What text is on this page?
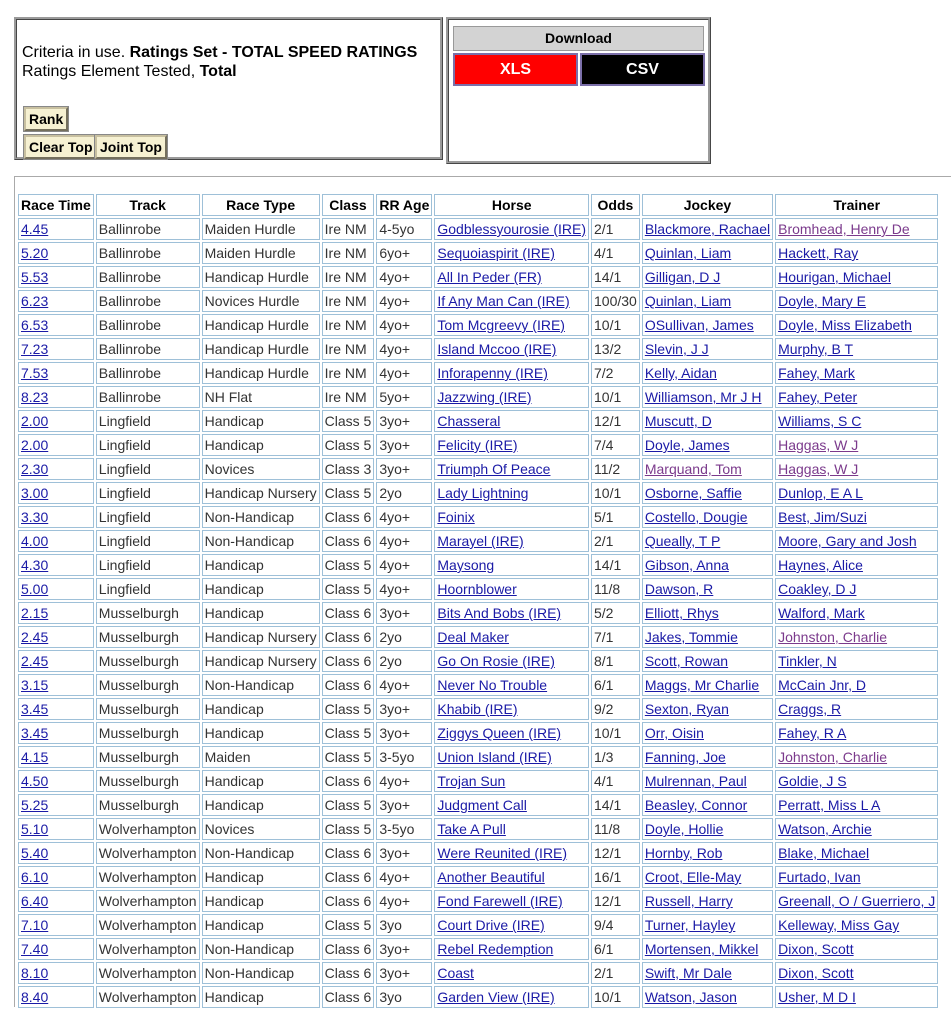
Criteria in use. Ratings Set - TOTAL SPEED RATINGS
Ratings Element Tested, Total
Rank
Clear Top Joint Top
Download
XLS	CSV
Race Time	Track	Race Type	Class	RR Age	Horse	Odds	Jockey	Trainer
4.45	Ballinrobe	Maiden Hurdle	Ire NM	4-5yo	Godblessyourosie (IRE)	2/1	Blackmore, Rachael	Bromhead, Henry De
5.20	Ballinrobe	Maiden Hurdle	Ire NM	6yo+	Sequoiaspirit (IRE)	4/1	Quinlan, Liam	Hackett, Ray
5.53	Ballinrobe	Handicap Hurdle	Ire NM	4yo+	All In Peder (FR)	14/1	Gilligan, D J	Hourigan, Michael
6.23	Ballinrobe	Novices Hurdle	Ire NM	4yo+	If Any Man Can (IRE)	100/30	Quinlan, Liam	Doyle, Mary E
6.53	Ballinrobe	Handicap Hurdle	Ire NM	4yo+	Tom Mcgreevy (IRE)	10/1	OSullivan, James	Doyle, Miss Elizabeth
7.23	Ballinrobe	Handicap Hurdle	Ire NM	4yo+	Island Mccoo (IRE)	13/2	Slevin, J J	Murphy, B T
7.53	Ballinrobe	Handicap Hurdle	Ire NM	4yo+	Inforapenny (IRE)	7/2	Kelly, Aidan	Fahey, Mark
8.23	Ballinrobe	NH Flat	Ire NM	5yo+	Jazzwing (IRE)	10/1	Williamson, Mr J H	Fahey, Peter
2.00	Lingfield	Handicap	Class 5	3yo+	Chasseral	12/1	Muscutt, D	Williams, S C
2.00	Lingfield	Handicap	Class 5	3yo+	Felicity (IRE)	7/4	Doyle, James	Haggas, W J
2.30	Lingfield	Novices	Class 3	3yo+	Triumph Of Peace	11/2	Marquand, Tom	Haggas, W J
3.00	Lingfield	Handicap Nursery	Class 5	2yo	Lady Lightning	10/1	Osborne, Saffie	Dunlop, E A L
3.30	Lingfield	Non-Handicap	Class 6	4yo+	Foinix	5/1	Costello, Dougie	Best, Jim/Suzi
4.00	Lingfield	Non-Handicap	Class 6	4yo+	Marayel (IRE)	2/1	Queally, T P	Moore, Gary and Josh
4.30	Lingfield	Handicap	Class 5	4yo+	Maysong	14/1	Gibson, Anna	Haynes, Alice
5.00	Lingfield	Handicap	Class 5	4yo+	Hoornblower	11/8	Dawson, R	Coakley, D J
2.15	Musselburgh	Handicap	Class 6	3yo+	Bits And Bobs (IRE)	5/2	Elliott, Rhys	Walford, Mark
2.45	Musselburgh	Handicap Nursery	Class 6	2yo	Deal Maker	7/1	Jakes, Tommie	Johnston, Charlie
2.45	Musselburgh	Handicap Nursery	Class 6	2yo	Go On Rosie (IRE)	8/1	Scott, Rowan	Tinkler, N
3.15	Musselburgh	Non-Handicap	Class 6	4yo+	Never No Trouble	6/1	Maggs, Mr Charlie	McCain Jnr, D
3.45	Musselburgh	Handicap	Class 5	3yo+	Khabib (IRE)	9/2	Sexton, Ryan	Craggs, R
3.45	Musselburgh	Handicap	Class 5	3yo+	Ziggys Queen (IRE)	10/1	Orr, Oisin	Fahey, R A
4.15	Musselburgh	Maiden	Class 5	3-5yo	Union Island (IRE)	1/3	Fanning, Joe	Johnston, Charlie
4.50	Musselburgh	Handicap	Class 6	4yo+	Trojan Sun	4/1	Mulrennan, Paul	Goldie, J S
5.25	Musselburgh	Handicap	Class 5	3yo+	Judgment Call	14/1	Beasley, Connor	Perratt, Miss L A
5.10	Wolverhampton	Novices	Class 5	3-5yo	Take A Pull	11/8	Doyle, Hollie	Watson, Archie
5.40	Wolverhampton	Non-Handicap	Class 6	3yo+	Were Reunited (IRE)	12/1	Hornby, Rob	Blake, Michael
6.10	Wolverhampton	Handicap	Class 6	4yo+	Another Beautiful	16/1	Croot, Elle-May	Furtado, Ivan
6.40	Wolverhampton	Handicap	Class 6	4yo+	Fond Farewell (IRE)	12/1	Russell, Harry	Greenall, O / Guerriero, J
7.10	Wolverhampton	Handicap	Class 5	3yo	Court Drive (IRE)	9/4	Turner, Hayley	Kelleway, Miss Gay
7.40	Wolverhampton	Non-Handicap	Class 6	3yo+	Rebel Redemption	6/1	Mortensen, Mikkel	Dixon, Scott
8.10	Wolverhampton	Non-Handicap	Class 6	3yo+	Coast	2/1	Swift, Mr Dale	Dixon, Scott
8.40	Wolverhampton	Handicap	Class 6	3yo	Garden View (IRE)	10/1	Watson, Jason	Usher, M D I
